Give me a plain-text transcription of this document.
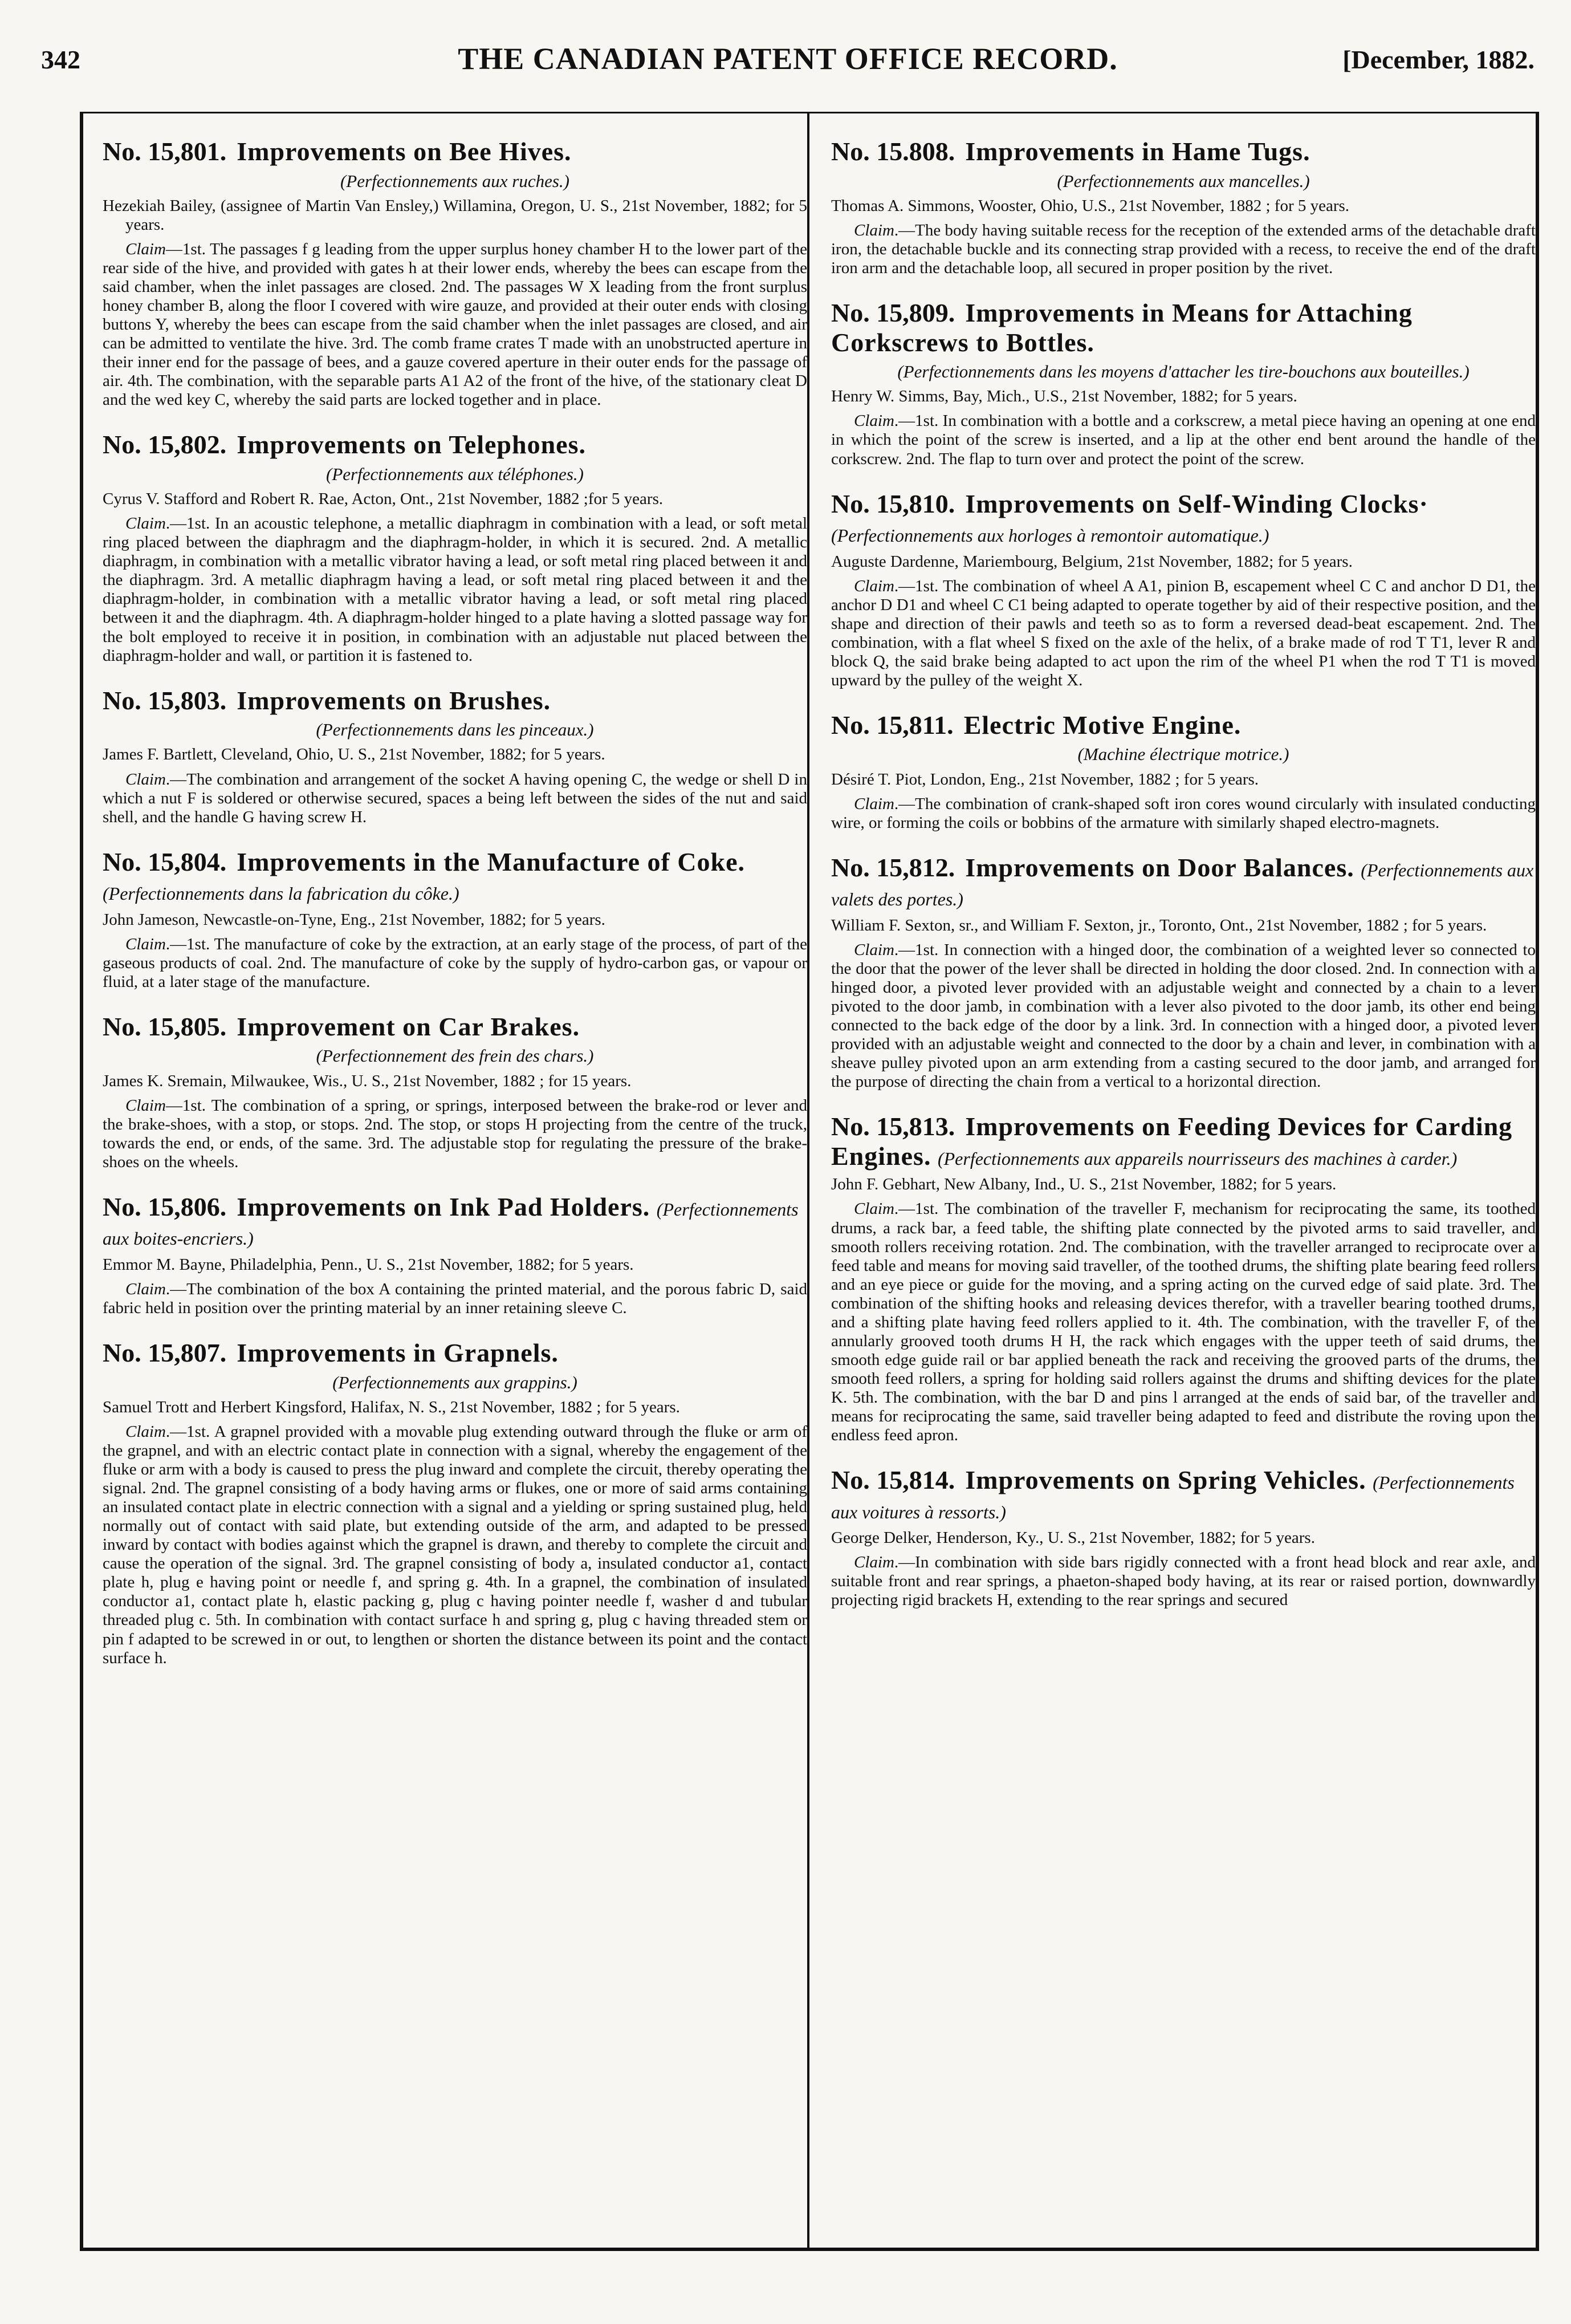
342	THE CANADIAN PATENT OFFICE RECORD.	[December, 1882.

No. 15,801. Improvements on Bee Hives.

(Perfectionnements aux ruches.)

Hezekiah Bailey, (assignee of Martin Van Ensley,) Willamina, Oregon, U. S., 21st November, 1882; for 5 years.

Claim—1st. The passages f g leading from the upper surplus honey chamber H to the lower part of the rear side of the hive, and provided with gates h at their lower ends, whereby the bees can escape from the said chamber, when the inlet passages are closed. 2nd. The passages W X leading from the front surplus honey chamber B, along the floor I covered with wire gauze, and provided at their outer ends with closing buttons Y, whereby the bees can escape from the said chamber when the inlet passages are closed, and air can be admitted to ventilate the hive. 3rd. The comb frame crates T made with an unobstructed aperture in their inner end for the passage of bees, and a gauze covered aperture in their outer ends for the passage of air. 4th. The combination, with the separable parts A1 A2 of the front of the hive, of the stationary cleat D and the wed key C, whereby the said parts are locked together and in place.

No. 15,802. Improvements on Telephones.

(Perfectionnements aux téléphones.)

Cyrus V. Stafford and Robert R. Rae, Acton, Ont., 21st November, 1882 ;for 5 years.

Claim.—1st. In an acoustic telephone, a metallic diaphragm in combination with a lead, or soft metal ring placed between the diaphragm and the diaphragm-holder, in which it is secured. 2nd. A metallic diaphragm, in combination with a metallic vibrator having a lead, or soft metal ring placed between it and the diaphragm. 3rd. A metallic diaphragm having a lead, or soft metal ring placed between it and the diaphragm-holder, in combination with a metallic vibrator having a lead, or soft metal ring placed between it and the diaphragm. 4th. A diaphragm-holder hinged to a plate having a slotted passage way for the bolt employed to receive it in position, in combination with an adjustable nut placed between the diaphragm-holder and wall, or partition it is fastened to.

No. 15,803. Improvements on Brushes.

(Perfectionnements dans les pinceaux.)

James F. Bartlett, Cleveland, Ohio, U. S., 21st November, 1882; for 5 years.

Claim.—The combination and arrangement of the socket A having opening C, the wedge or shell D in which a nut F is soldered or otherwise secured, spaces a being left between the sides of the nut and said shell, and the handle G having screw H.

No. 15,804. Improvements in the Manufacture of Coke. (Perfectionnements dans la fabrication du côke.)

John Jameson, Newcastle-on-Tyne, Eng., 21st November, 1882; for 5 years.

Claim.—1st. The manufacture of coke by the extraction, at an early stage of the process, of part of the gaseous products of coal. 2nd. The manufacture of coke by the supply of hydro-carbon gas, or vapour or fluid, at a later stage of the manufacture.

No. 15,805. Improvement on Car Brakes.

(Perfectionnement des frein des chars.)

James K. Sremain, Milwaukee, Wis., U. S., 21st November, 1882 ; for 15 years.

Claim—1st. The combination of a spring, or springs, interposed between the brake-rod or lever and the brake-shoes, with a stop, or stops. 2nd. The stop, or stops H projecting from the centre of the truck, towards the end, or ends, of the same. 3rd. The adjustable stop for regulating the pressure of the brake-shoes on the wheels.

No. 15,806. Improvements on Ink Pad Holders. (Perfectionnements aux boites-encriers.)

Emmor M. Bayne, Philadelphia, Penn., U. S., 21st November, 1882; for 5 years.

Claim.—The combination of the box A containing the printed material, and the porous fabric D, said fabric held in position over the printing material by an inner retaining sleeve C.

No. 15,807. Improvements in Grapnels.

(Perfectionnements aux grappins.)

Samuel Trott and Herbert Kingsford, Halifax, N. S., 21st November, 1882 ; for 5 years.

Claim.—1st. A grapnel provided with a movable plug extending outward through the fluke or arm of the grapnel, and with an electric contact plate in connection with a signal, whereby the engagement of the fluke or arm with a body is caused to press the plug inward and complete the circuit, thereby operating the signal. 2nd. The grapnel consisting of a body having arms or flukes, one or more of said arms containing an insulated contact plate in electric connection with a signal and a yielding or spring sustained plug, held normally out of contact with said plate, but extending outside of the arm, and adapted to be pressed inward by contact with bodies against which the grapnel is drawn, and thereby to complete the circuit and cause the operation of the signal. 3rd. The grapnel consisting of body a, insulated conductor a1, contact plate h, plug e having point or needle f, and spring g. 4th. In a grapnel, the combination of insulated conductor a1, contact plate h, elastic packing g, plug c having pointer needle f, washer d and tubular threaded plug c. 5th. In combination with contact surface h and spring g, plug c having threaded stem or pin f adapted to be screwed in or out, to lengthen or shorten the distance between its point and the contact surface h.

No. 15.808. Improvements in Hame Tugs.

(Perfectionnements aux mancelles.)

Thomas A. Simmons, Wooster, Ohio, U.S., 21st November, 1882 ; for 5 years.

Claim.—The body having suitable recess for the reception of the extended arms of the detachable draft iron, the detachable buckle and its connecting strap provided with a recess, to receive the end of the draft iron arm and the detachable loop, all secured in proper position by the rivet.

No. 15,809. Improvements in Means for Attaching Corkscrews to Bottles.

(Perfectionnements dans les moyens d'attacher les tire-bouchons aux bouteilles.)

Henry W. Simms, Bay, Mich., U.S., 21st November, 1882; for 5 years.

Claim.—1st. In combination with a bottle and a corkscrew, a metal piece having an opening at one end in which the point of the screw is inserted, and a lip at the other end bent around the handle of the corkscrew. 2nd. The flap to turn over and protect the point of the screw.

No. 15,810. Improvements on Self-Winding Clocks· (Perfectionnements aux horloges à remontoir automatique.)

Auguste Dardenne, Mariembourg, Belgium, 21st November, 1882; for 5 years.

Claim.—1st. The combination of wheel A A1, pinion B, escapement wheel C C and anchor D D1, the anchor D D1 and wheel C C1 being adapted to operate together by aid of their respective position, and the shape and direction of their pawls and teeth so as to form a reversed dead-beat escapement. 2nd. The combination, with a flat wheel S fixed on the axle of the helix, of a brake made of rod T T1, lever R and block Q, the said brake being adapted to act upon the rim of the wheel P1 when the rod T T1 is moved upward by the pulley of the weight X.

No. 15,811. Electric Motive Engine.

(Machine électrique motrice.)

Désiré T. Piot, London, Eng., 21st November, 1882 ; for 5 years.

Claim.—The combination of crank-shaped soft iron cores wound circularly with insulated conducting wire, or forming the coils or bobbins of the armature with similarly shaped electro-magnets.

No. 15,812. Improvements on Door Balances. (Perfectionnements aux valets des portes.)

William F. Sexton, sr., and William F. Sexton, jr., Toronto, Ont., 21st November, 1882 ; for 5 years.

Claim.—1st. In connection with a hinged door, the combination of a weighted lever so connected to the door that the power of the lever shall be directed in holding the door closed. 2nd. In connection with a hinged door, a pivoted lever provided with an adjustable weight and connected by a chain to a lever pivoted to the door jamb, in combination with a lever also pivoted to the door jamb, its other end being connected to the back edge of the door by a link. 3rd. In connection with a hinged door, a pivoted lever provided with an adjustable weight and connected to the door by a chain and lever, in combination with a sheave pulley pivoted upon an arm extending from a casting secured to the door jamb, and arranged for the purpose of directing the chain from a vertical to a horizontal direction.

No. 15,813. Improvements on Feeding Devices for Carding Engines. (Perfectionnements aux appareils nourrisseurs des machines à carder.)

John F. Gebhart, New Albany, Ind., U. S., 21st November, 1882; for 5 years.

Claim.—1st. The combination of the traveller F, mechanism for reciprocating the same, its toothed drums, a rack bar, a feed table, the shifting plate connected by the pivoted arms to said traveller, and smooth rollers receiving rotation. 2nd. The combination, with the traveller arranged to reciprocate over a feed table and means for moving said traveller, of the toothed drums, the shifting plate bearing feed rollers and an eye piece or guide for the moving, and a spring acting on the curved edge of said plate. 3rd. The combination of the shifting hooks and releasing devices therefor, with a traveller bearing toothed drums, and a shifting plate having feed rollers applied to it. 4th. The combination, with the traveller F, of the annularly grooved tooth drums H H, the rack which engages with the upper teeth of said drums, the smooth edge guide rail or bar applied beneath the rack and receiving the grooved parts of the drums, the smooth feed rollers, a spring for holding said rollers against the drums and shifting devices for the plate K. 5th. The combination, with the bar D and pins l arranged at the ends of said bar, of the traveller and means for reciprocating the same, said traveller being adapted to feed and distribute the roving upon the endless feed apron.

No. 15,814. Improvements on Spring Vehicles. (Perfectionnements aux voitures à ressorts.)

George Delker, Henderson, Ky., U. S., 21st November, 1882; for 5 years.

Claim.—In combination with side bars rigidly connected with a front head block and rear axle, and suitable front and rear springs, a phaeton-shaped body having, at its rear or raised portion, downwardly projecting rigid brackets H, extending to the rear springs and secured
